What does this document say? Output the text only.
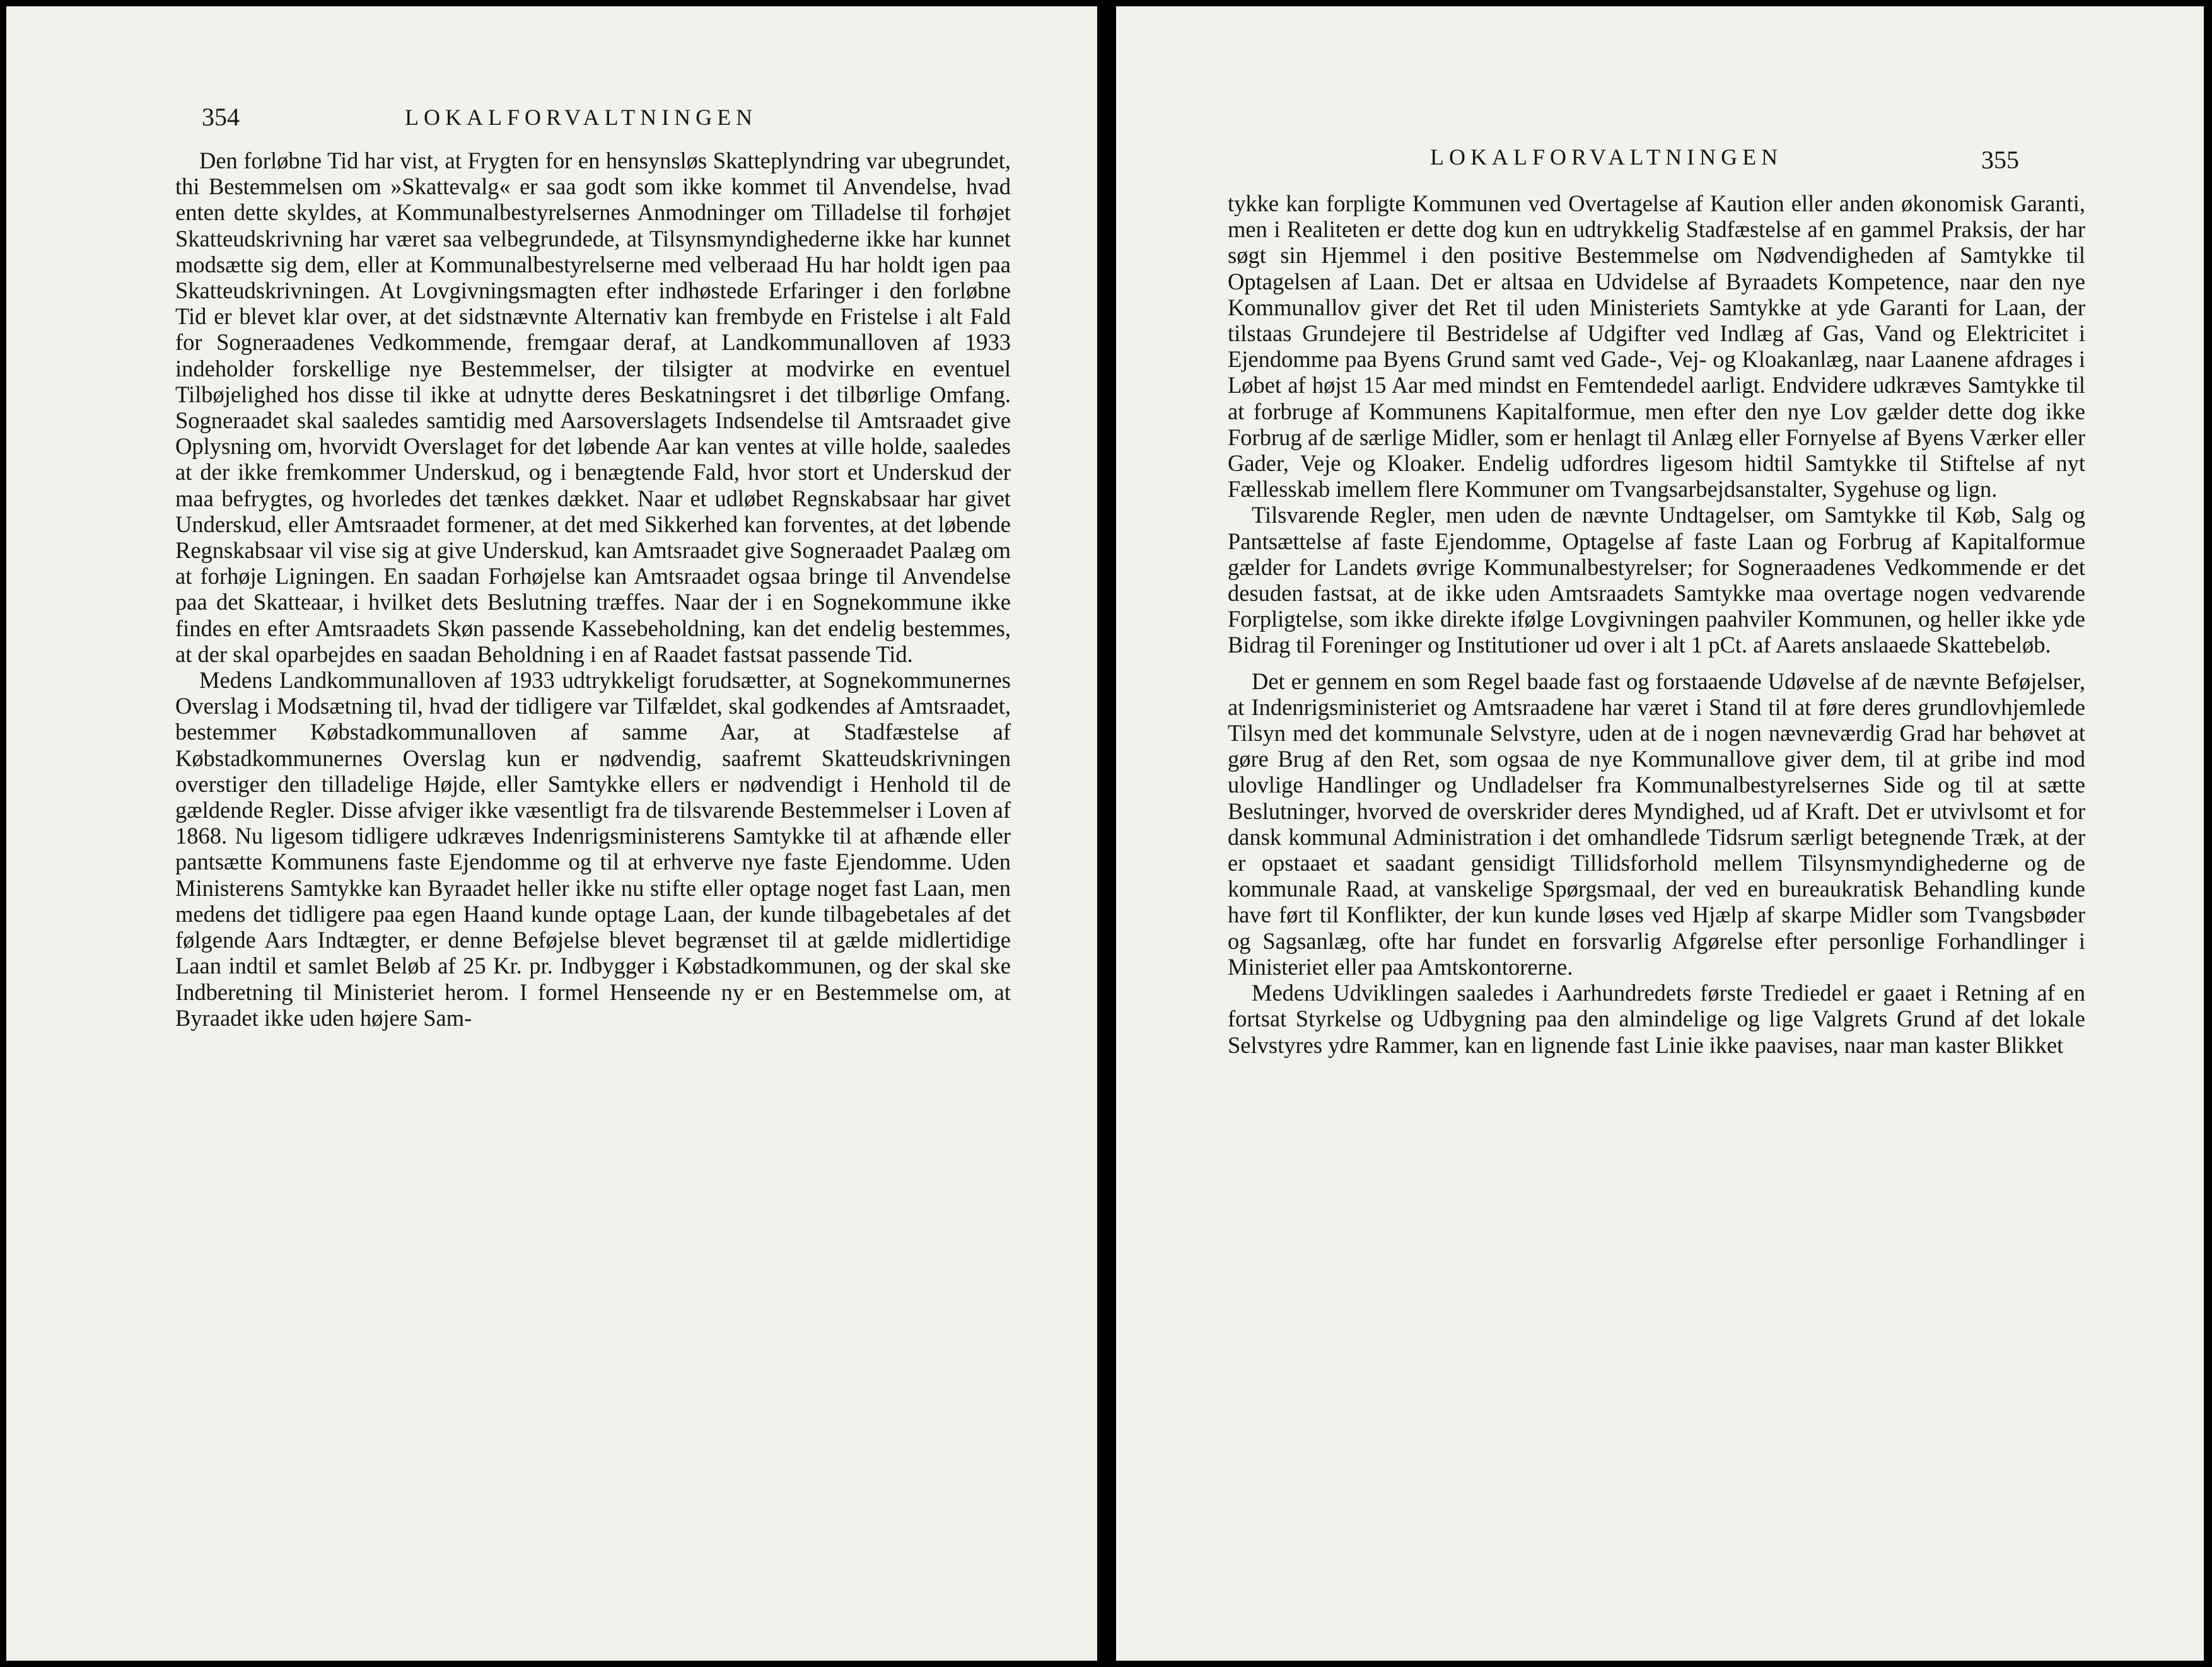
354	LOKALFORVALTNINGEN

Den forløbne Tid har vist, at Frygten for en hensynsløs Skatteplyndring var ubegrundet, thi Bestemmelsen om »Skattevalg« er saa godt som ikke kommet til Anvendelse, hvad enten dette skyldes, at Kommunalbestyrelsernes Anmodninger om Tilladelse til forhøjet Skatteudskrivning har været saa velbegrundede, at Tilsynsmyndighederne ikke har kunnet modsætte sig dem, eller at Kommunalbestyrelserne med velberaad Hu har holdt igen paa Skatteudskrivningen. At Lovgivningsmagten efter indhøstede Erfaringer i den forløbne Tid er blevet klar over, at det sidstnævnte Alternativ kan frembyde en Fristelse i alt Fald for Sogneraadenes Vedkommende, fremgaar deraf, at Landkommunalloven af 1933 indeholder forskellige nye Bestemmelser, der tilsigter at modvirke en eventuel Tilbøjelighed hos disse til ikke at udnytte deres Beskatningsret i det tilbørlige Omfang. Sogneraadet skal saaledes samtidig med Aarsoverslagets Indsendelse til Amtsraadet give Oplysning om, hvorvidt Overslaget for det løbende Aar kan ventes at ville holde, saaledes at der ikke fremkommer Underskud, og i benægtende Fald, hvor stort et Underskud der maa befrygtes, og hvorledes det tænkes dækket. Naar et udløbet Regnskabsaar har givet Underskud, eller Amtsraadet formener, at det med Sikkerhed kan forventes, at det løbende Regnskabsaar vil vise sig at give Underskud, kan Amtsraadet give Sogneraadet Paalæg om at forhøje Ligningen. En saadan Forhøjelse kan Amtsraadet ogsaa bringe til Anvendelse paa det Skatteaar, i hvilket dets Beslutning træffes. Naar der i en Sognekommune ikke findes en efter Amtsraadets Skøn passende Kassebeholdning, kan det endelig bestemmes, at der skal oparbejdes en saadan Beholdning i en af Raadet fastsat passende Tid.

Medens Landkommunalloven af 1933 udtrykkeligt forudsætter, at Sognekommunernes Overslag i Modsætning til, hvad der tidligere var Tilfældet, skal godkendes af Amtsraadet, bestemmer Købstadkommunalloven af samme Aar, at Stadfæstelse af Købstadkommunernes Overslag kun er nødvendig, saafremt Skatteudskrivningen overstiger den tilladelige Højde, eller Samtykke ellers er nødvendigt i Henhold til de gældende Regler. Disse afviger ikke væsentligt fra de tilsvarende Bestemmelser i Loven af 1868. Nu ligesom tidligere udkræves Indenrigsministerens Samtykke til at afhænde eller pantsætte Kommunens faste Ejendomme og til at erhverve nye faste Ejendomme. Uden Ministerens Samtykke kan Byraadet heller ikke nu stifte eller optage noget fast Laan, men medens det tidligere paa egen Haand kunde optage Laan, der kunde tilbagebetales af det følgende Aars Indtægter, er denne Beføjelse blevet begrænset til at gælde midlertidige Laan indtil et samlet Beløb af 25 Kr. pr. Indbygger i Købstadkommunen, og der skal ske Indberetning til Ministeriet herom. I formel Henseende ny er en Bestemmelse om, at Byraadet ikke uden højere Sam-

LOKALFORVALTNINGEN	355

tykke kan forpligte Kommunen ved Overtagelse af Kaution eller anden økonomisk Garanti, men i Realiteten er dette dog kun en udtrykkelig Stadfæstelse af en gammel Praksis, der har søgt sin Hjemmel i den positive Bestemmelse om Nødvendigheden af Samtykke til Optagelsen af Laan. Det er altsaa en Udvidelse af Byraadets Kompetence, naar den nye Kommunallov giver det Ret til uden Ministeriets Samtykke at yde Garanti for Laan, der tilstaas Grundejere til Bestridelse af Udgifter ved Indlæg af Gas, Vand og Elektricitet i Ejendomme paa Byens Grund samt ved Gade-, Vej- og Kloakanlæg, naar Laanene afdrages i Løbet af højst 15 Aar med mindst en Femtendedel aarligt. Endvidere udkræves Samtykke til at forbruge af Kommunens Kapitalformue, men efter den nye Lov gælder dette dog ikke Forbrug af de særlige Midler, som er henlagt til Anlæg eller Fornyelse af Byens Værker eller Gader, Veje og Kloaker. Endelig udfordres ligesom hidtil Samtykke til Stiftelse af nyt Fællesskab imellem flere Kommuner om Tvangsarbejdsanstalter, Sygehuse og lign.

Tilsvarende Regler, men uden de nævnte Undtagelser, om Samtykke til Køb, Salg og Pantsættelse af faste Ejendomme, Optagelse af faste Laan og Forbrug af Kapitalformue gælder for Landets øvrige Kommunalbestyrelser; for Sogneraadenes Vedkommende er det desuden fastsat, at de ikke uden Amtsraadets Samtykke maa overtage nogen vedvarende Forpligtelse, som ikke direkte ifølge Lovgivningen paahviler Kommunen, og heller ikke yde Bidrag til Foreninger og Institutioner ud over i alt 1 pCt. af Aarets anslaaede Skattebeløb.

Det er gennem en som Regel baade fast og forstaaende Udøvelse af de nævnte Beføjelser, at Indenrigsministeriet og Amtsraadene har været i Stand til at føre deres grundlovhjemlede Tilsyn med det kommunale Selvstyre, uden at de i nogen nævneværdig Grad har behøvet at gøre Brug af den Ret, som ogsaa de nye Kommunallove giver dem, til at gribe ind mod ulovlige Handlinger og Undladelser fra Kommunalbestyrelsernes Side og til at sætte Beslutninger, hvorved de overskrider deres Myndighed, ud af Kraft. Det er utvivlsomt et for dansk kommunal Administration i det omhandlede Tidsrum særligt betegnende Træk, at der er opstaaet et saadant gensidigt Tillidsforhold mellem Tilsynsmyndighederne og de kommunale Raad, at vanskelige Spørgsmaal, der ved en bureaukratisk Behandling kunde have ført til Konflikter, der kun kunde løses ved Hjælp af skarpe Midler som Tvangsbøder og Sagsanlæg, ofte har fundet en forsvarlig Afgørelse efter personlige Forhandlinger i Ministeriet eller paa Amtskontorerne.

Medens Udviklingen saaledes i Aarhundredets første Trediedel er gaaet i Retning af en fortsat Styrkelse og Udbygning paa den almindelige og lige Valgrets Grund af det lokale Selvstyres ydre Rammer, kan en lignende fast Linie ikke paavises, naar man kaster Blikket
